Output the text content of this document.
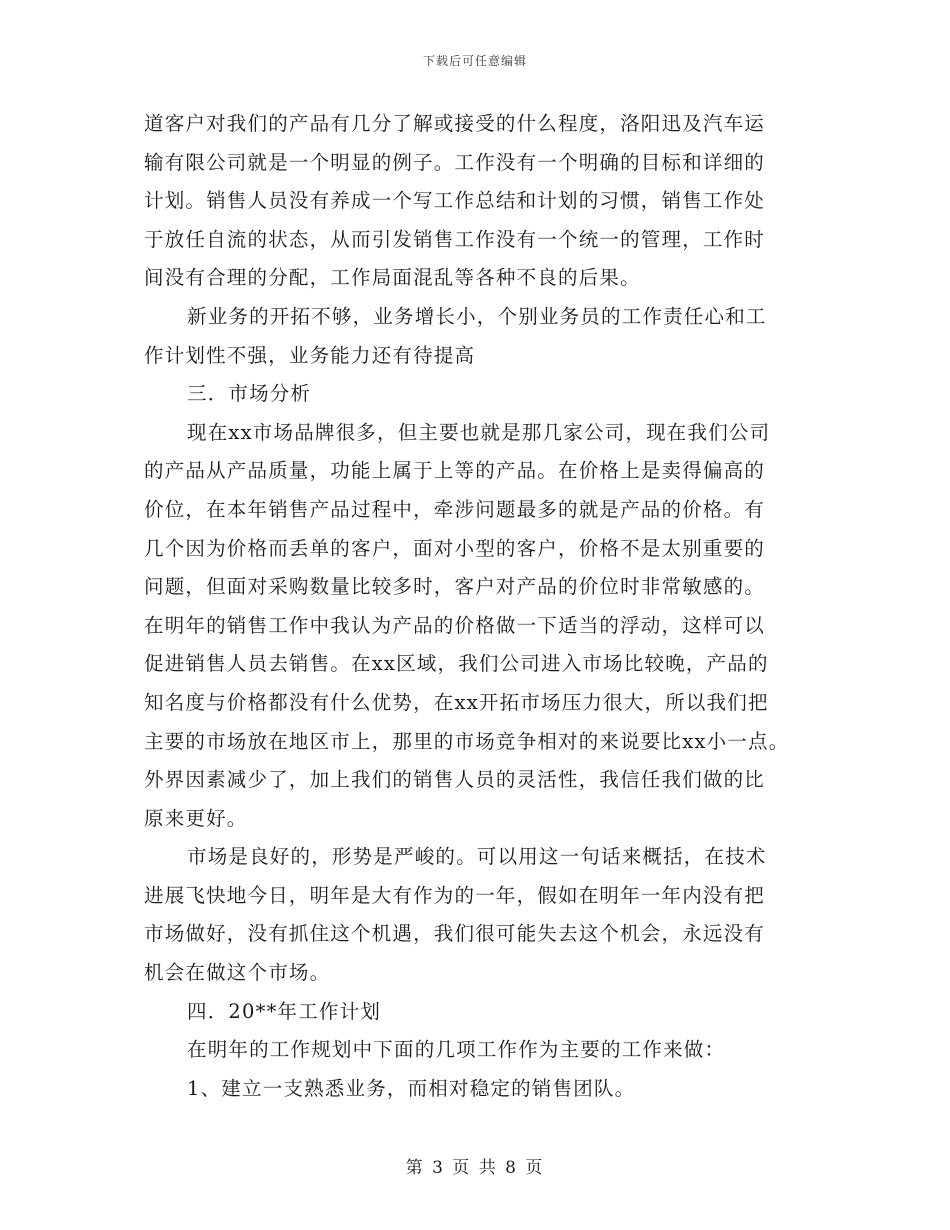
下载后可任意编辑
道客户对我们的产品有几分了解或接受的什么程度，洛阳迅及汽车运
输有限公司就是一个明显的例子。工作没有一个明确的目标和详细的
计划。销售人员没有养成一个写工作总结和计划的习惯，销售工作处
于放任自流的状态，从而引发销售工作没有一个统一的管理，工作时
间没有合理的分配，工作局面混乱等各种不良的后果。
新业务的开拓不够，业务增长小，个别业务员的工作责任心和工
作计划性不强，业务能力还有待提高
三．市场分析
现在xx市场品牌很多，但主要也就是那几家公司，现在我们公司
的产品从产品质量，功能上属于上等的产品。在价格上是卖得偏高的
价位，在本年销售产品过程中，牵涉问题最多的就是产品的价格。有
几个因为价格而丢单的客户，面对小型的客户，价格不是太别重要的
问题，但面对采购数量比较多时，客户对产品的价位时非常敏感的。
在明年的销售工作中我认为产品的价格做一下适当的浮动，这样可以
促进销售人员去销售。在xx区域，我们公司进入市场比较晚，产品的
知名度与价格都没有什么优势，在xx开拓市场压力很大，所以我们把
主要的市场放在地区市上，那里的市场竞争相对的来说要比xx小一点。
外界因素减少了，加上我们的销售人员的灵活性，我信任我们做的比
原来更好。
市场是良好的，形势是严峻的。可以用这一句话来概括，在技术
进展飞快地今日，明年是大有作为的一年，假如在明年一年内没有把
市场做好，没有抓住这个机遇，我们很可能失去这个机会，永远没有
机会在做这个市场。
四．20**年工作计划
在明年的工作规划中下面的几项工作作为主要的工作来做：
1、建立一支熟悉业务，而相对稳定的销售团队。
第 3 页 共 8 页
